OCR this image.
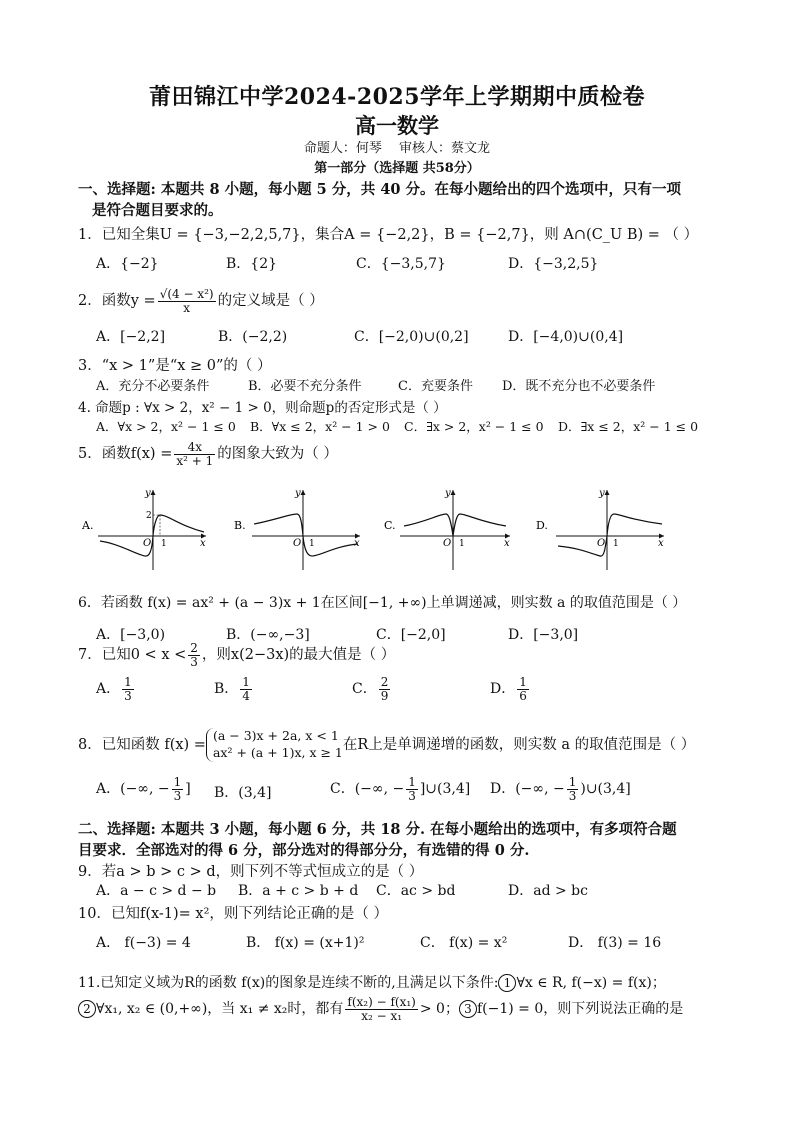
莆田锦江中学2024-2025学年上学期期中质检卷
高一数学
命题人：何琴　 审核人：蔡文龙
第一部分（选择题 共58分）
一、选择题: 本题共 8 小题，每小题 5 分，共 40 分。在每小题给出的四个选项中，只有一项
是符合题目要求的。
1．已知全集U = {−3,−2,2,5,7}，集合A = {−2,2}，B = {−2,7}，则 A∩(C_U B) = （ ）
A．{−2}	B．{2}	C．{−3,5,7}	D．{−3,2,5}
2．函数$y = \frac{\text{√(4 − x²)}}{x}$ 的定义域是（ ）
A．[−2,2]	B．(−2,2)	C．[−2,0)∪(0,2]	D．[−4,0)∪(0,4]
3．“x > 1”是“x ≥ 0”的（ ）
A．充分不必要条件	B．必要不充分条件	C．充要条件 D．既不充分也不必要条件
4. 命题p : ∀x > 2，x² − 1 > 0，则命题p的否定形式是（ ）
A．∀x > 2，x² − 1 ≤ 0 B．∀x ≤ 2，x² − 1 > 0 C．∃x > 2，x² − 1 ≤ 0 D．∃x ≤ 2，x² − 1 ≤ 0
5．函数$f(x) = \frac{4x}{\text{x² + 1}}$ 的图象大致为（ ）
A.
y
x
O 1
2
B.
y
x
O 1
C.
y
x
O 1
D.
y
x
O 1
6．若函数 f(x) = ax² + (a − 3)x + 1在区间[−1, +∞)上单调递减，则实数 a 的取值范围是（ ）
A．[−3,0)	B．(−∞,−3]	C．[−2,0]	D．[−3,0]
7．已知$0 < x < \frac{2}{3}$ ，则x(2−3x)的最大值是（ ）
A． $\frac{1}{3}$	B． $\frac{1}{4}$	C． $\frac{2}{9}$	D． $\frac{1}{6}$
8．已知函数 f(x) =
(a − 3)x + 2a, x < 1
ax² + (a + 1)x, x ≥ 1 在R上是单调递增的函数，则实数 a 的取值范围是（ ）
A．(−∞, − $\frac{1}{3}$ ] B．(3,4]	C．(−∞, − $\frac{1}{3}$ ]∪(3,4] D．(−∞, − $\frac{1}{3}$ )∪(3,4]
二、选择题: 本题共 3 小题，每小题 6 分，共 18 分. 在每小题给出的选项中，有多项符合题
目要求．全部选对的得 6 分，部分选对的得部分分，有选错的得 0 分.
9．若a > b > c > d，则下列不等式恒成立的是（ ）
A．a − c > d − b B．a + c > b + d C．ac > bd	D．ad > bc
10．已知f(x-1)= x²，则下列结论正确的是（ ）
A． f(−3) = 4	B． f(x) = (x+1)²	C． f(x) = x²	D． f(3) = 16
11.已知定义域为R的函数 f(x)的图象是连续不断的,且满足以下条件: 1 ∀x ∈ R, f(−x) = f(x)；
2 ∀x₁, x₂ ∈ (0,+∞)，当 x₁ ≠ x₂时，都有 $\frac{\text{f(x₂) − f(x₁)}}{\text{x₂ − x₁}} > 0$； 3 f(−1) = 0，则下列说法正确的是
